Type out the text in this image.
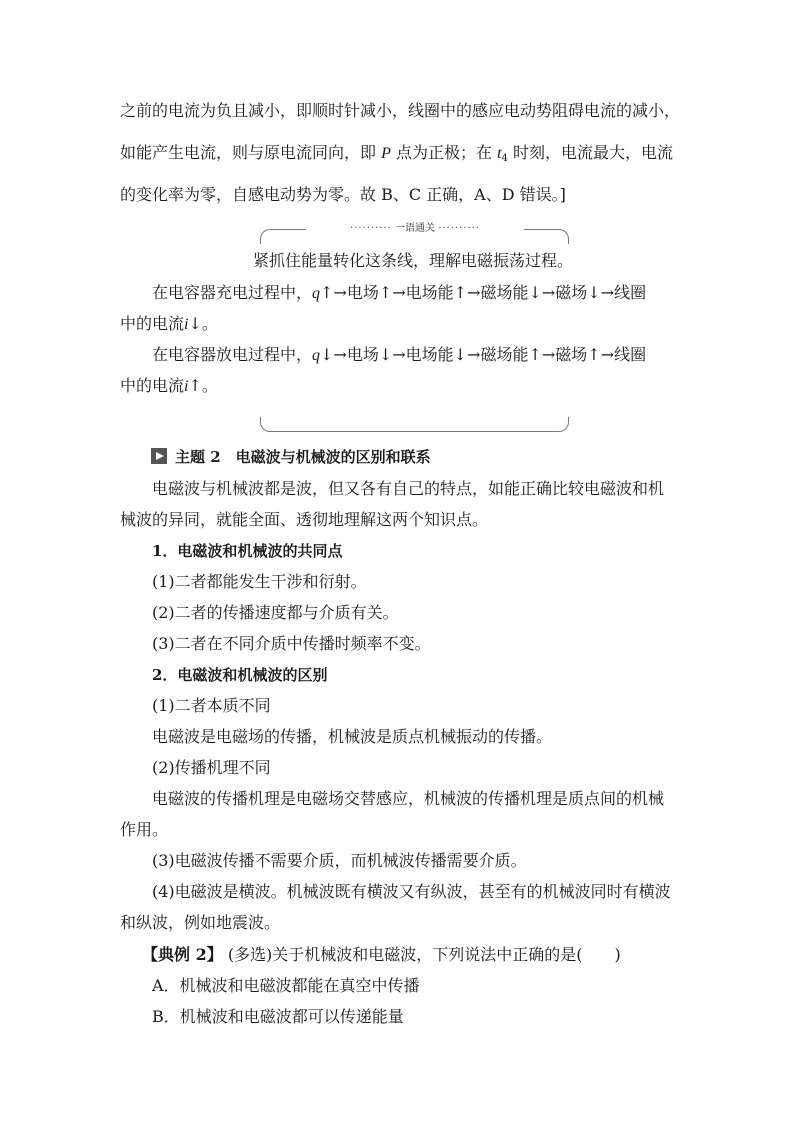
之前的电流为负且减小，即顺时针减小，线圈中的感应电动势阻碍电流的减小，
如能产生电流，则与原电流同向，即 P 点为正极；在 $t_4$ 时刻，电流最大，电流
的变化率为零，自感电动势为零。故 B、C 正确，A、D 错误。]
·········· 一语通关 ··········
紧抓住能量转化这条线，理解电磁振荡过程。
在电容器充电过程中，q↑→电场↑→电场能↑→磁场能↓→磁场↓→线圈
中的电流i↓。
在电容器放电过程中，q↓→电场↓→电场能↓→磁场能↑→磁场↑→线圈
中的电流i↑。
主题 2　电磁波与机械波的区别和联系
电磁波与机械波都是波，但又各有自己的特点，如能正确比较电磁波和机
械波的异同，就能全面、透彻地理解这两个知识点。
1．电磁波和机械波的共同点
(1)二者都能发生干涉和衍射。
(2)二者的传播速度都与介质有关。
(3)二者在不同介质中传播时频率不变。
2．电磁波和机械波的区别
(1)二者本质不同
电磁波是电磁场的传播，机械波是质点机械振动的传播。
(2)传播机理不同
电磁波的传播机理是电磁场交替感应，机械波的传播机理是质点间的机械
作用。
(3)电磁波传播不需要介质，而机械波传播需要介质。
(4)电磁波是横波。机械波既有横波又有纵波，甚至有的机械波同时有横波
和纵波，例如地震波。
【典例 2】 (多选)关于机械波和电磁波，下列说法中正确的是(　　)
A．机械波和电磁波都能在真空中传播
B．机械波和电磁波都可以传递能量
